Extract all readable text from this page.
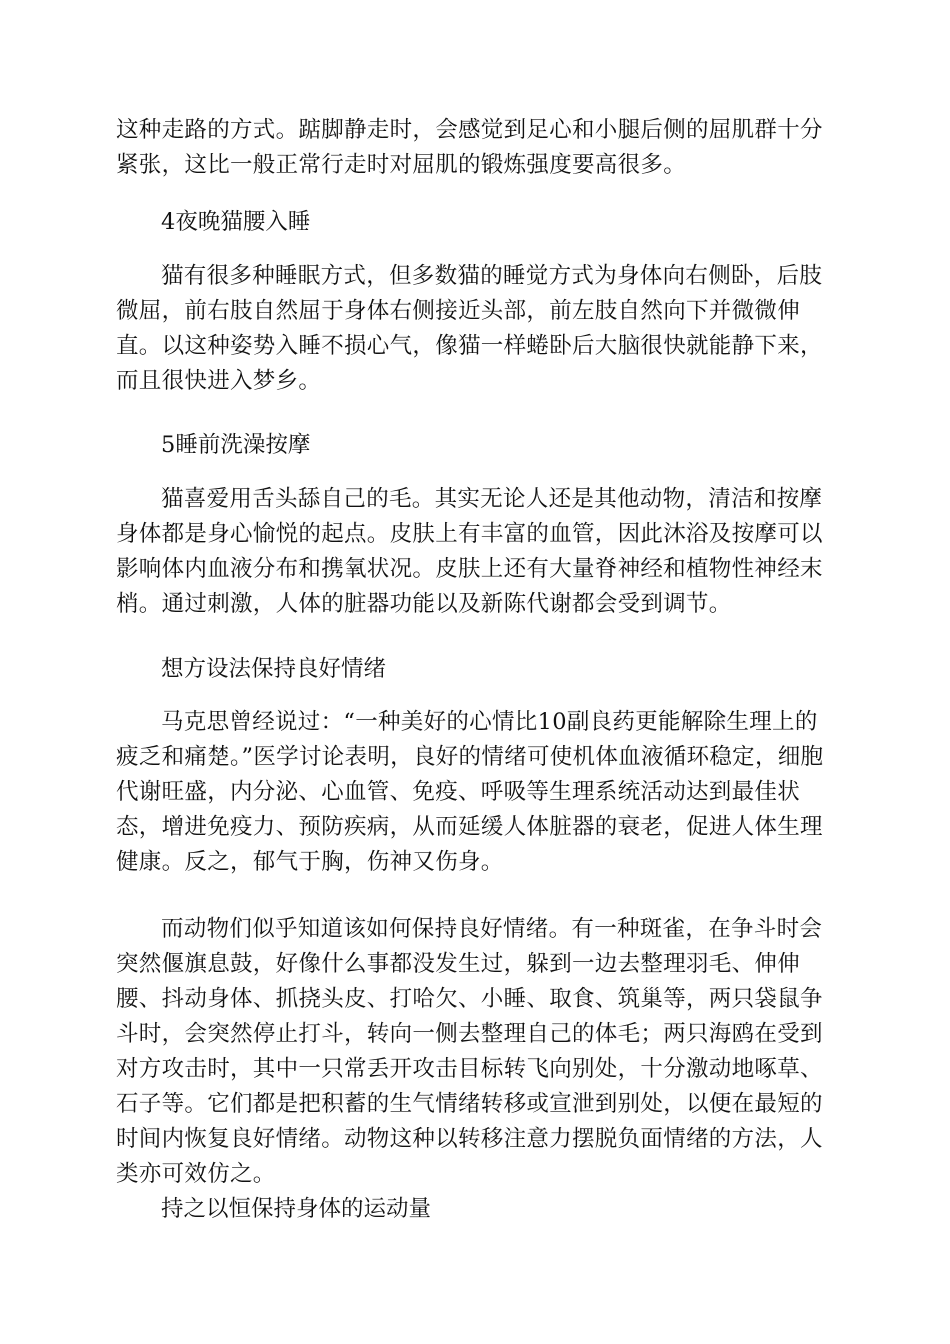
这种走路的方式。踮脚静走时，会感觉到足心和小腿后侧的屈肌群十分紧张，这比一般正常行走时对屈肌的锻炼强度要高很多。

4夜晚猫腰入睡

猫有很多种睡眠方式，但多数猫的睡觉方式为身体向右侧卧，后肢微屈，前右肢自然屈于身体右侧接近头部，前左肢自然向下并微微伸直。以这种姿势入睡不损心气，像猫一样蜷卧后大脑很快就能静下来，而且很快进入梦乡。

5睡前洗澡按摩

猫喜爱用舌头舔自己的毛。其实无论人还是其他动物，清洁和按摩身体都是身心愉悦的起点。皮肤上有丰富的血管，因此沐浴及按摩可以影响体内血液分布和携氧状况。皮肤上还有大量脊神经和植物性神经末梢。通过刺激，人体的脏器功能以及新陈代谢都会受到调节。

想方设法保持良好情绪

马克思曾经说过：“一种美好的心情比10副良药更能解除生理上的疲乏和痛楚。”医学讨论表明，良好的情绪可使机体血液循环稳定，细胞代谢旺盛，内分泌、心血管、免疫、呼吸等生理系统活动达到最佳状态，增进免疫力、预防疾病，从而延缓人体脏器的衰老，促进人体生理健康。反之，郁气于胸，伤神又伤身。

而动物们似乎知道该如何保持良好情绪。有一种斑雀，在争斗时会突然偃旗息鼓，好像什么事都没发生过，躲到一边去整理羽毛、伸伸腰、抖动身体、抓挠头皮、打哈欠、小睡、取食、筑巢等，两只袋鼠争斗时，会突然停止打斗，转向一侧去整理自己的体毛；两只海鸥在受到对方攻击时，其中一只常丢开攻击目标转飞向别处，十分激动地啄草、石子等。它们都是把积蓄的生气情绪转移或宣泄到别处，以便在最短的时间内恢复良好情绪。动物这种以转移注意力摆脱负面情绪的方法，人类亦可效仿之。

持之以恒保持身体的运动量
